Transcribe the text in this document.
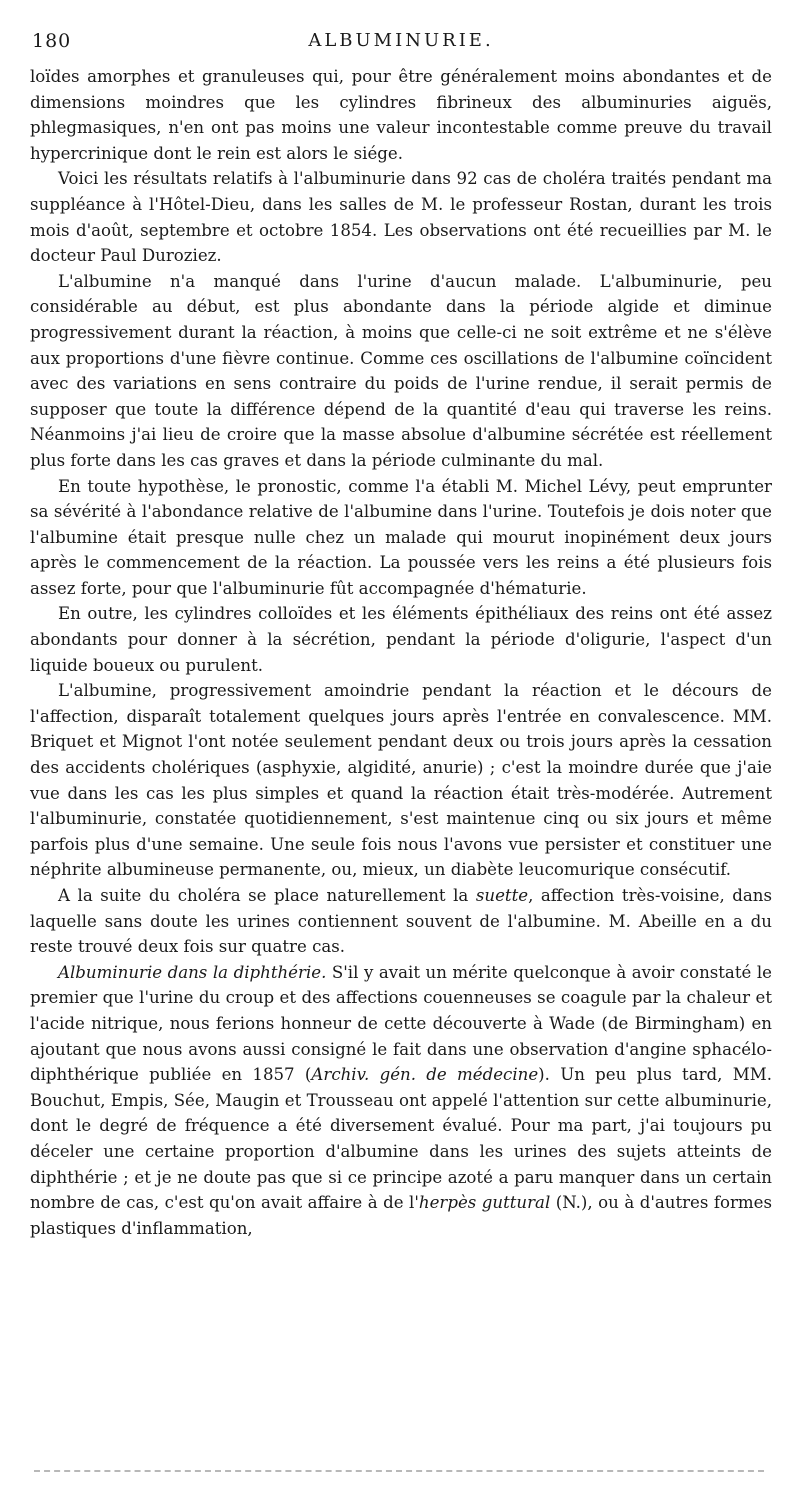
180	ALBUMINURIE.

loïdes amorphes et granuleuses qui, pour être généralement moins abondantes et de dimensions moindres que les cylindres fibrineux des albuminuries aiguës, phlegmasiques, n'en ont pas moins une valeur incontestable comme preuve du travail hypercrinique dont le rein est alors le siége.

Voici les résultats relatifs à l'albuminurie dans 92 cas de choléra traités pendant ma suppléance à l'Hôtel-Dieu, dans les salles de M. le professeur Rostan, durant les trois mois d'août, septembre et octobre 1854. Les observations ont été recueillies par M. le docteur Paul Duroziez.

L'albumine n'a manqué dans l'urine d'aucun malade. L'albuminurie, peu considérable au début, est plus abondante dans la période algide et diminue progressivement durant la réaction, à moins que celle-ci ne soit extrême et ne s'élève aux proportions d'une fièvre continue. Comme ces oscillations de l'albumine coïncident avec des variations en sens contraire du poids de l'urine rendue, il serait permis de supposer que toute la différence dépend de la quantité d'eau qui traverse les reins. Néanmoins j'ai lieu de croire que la masse absolue d'albumine sécrétée est réellement plus forte dans les cas graves et dans la période culminante du mal.

En toute hypothèse, le pronostic, comme l'a établi M. Michel Lévy, peut emprunter sa sévérité à l'abondance relative de l'albumine dans l'urine. Toutefois je dois noter que l'albumine était presque nulle chez un malade qui mourut inopinément deux jours après le commencement de la réaction. La poussée vers les reins a été plusieurs fois assez forte, pour que l'albuminurie fût accompagnée d'hématurie.

En outre, les cylindres colloïdes et les éléments épithéliaux des reins ont été assez abondants pour donner à la sécrétion, pendant la période d'oligurie, l'aspect d'un liquide boueux ou purulent.

L'albumine, progressivement amoindrie pendant la réaction et le décours de l'affection, disparaît totalement quelques jours après l'entrée en convalescence. MM. Briquet et Mignot l'ont notée seulement pendant deux ou trois jours après la cessation des accidents cholériques (asphyxie, algidité, anurie) ; c'est la moindre durée que j'aie vue dans les cas les plus simples et quand la réaction était très-modérée. Autrement l'albuminurie, constatée quotidiennement, s'est maintenue cinq ou six jours et même parfois plus d'une semaine. Une seule fois nous l'avons vue persister et constituer une néphrite albumineuse permanente, ou, mieux, un diabète leucomurique consécutif.

A la suite du choléra se place naturellement la suette, affection très-voisine, dans laquelle sans doute les urines contiennent souvent de l'albumine. M. Abeille en a du reste trouvé deux fois sur quatre cas.

Albuminurie dans la diphthérie. S'il y avait un mérite quelconque à avoir constaté le premier que l'urine du croup et des affections couenneuses se coagule par la chaleur et l'acide nitrique, nous ferions honneur de cette découverte à Wade (de Birmingham) en ajoutant que nous avons aussi consigné le fait dans une observation d'angine sphacélo-diphthérique publiée en 1857 (Archiv. gén. de médecine). Un peu plus tard, MM. Bouchut, Empis, Sée, Maugin et Trousseau ont appelé l'attention sur cette albuminurie, dont le degré de fréquence a été diversement évalué. Pour ma part, j'ai toujours pu déceler une certaine proportion d'albumine dans les urines des sujets atteints de diphthérie ; et je ne doute pas que si ce principe azoté a paru manquer dans un certain nombre de cas, c'est qu'on avait affaire à de l'herpès guttural (N.), ou à d'autres formes plastiques d'inflammation,
